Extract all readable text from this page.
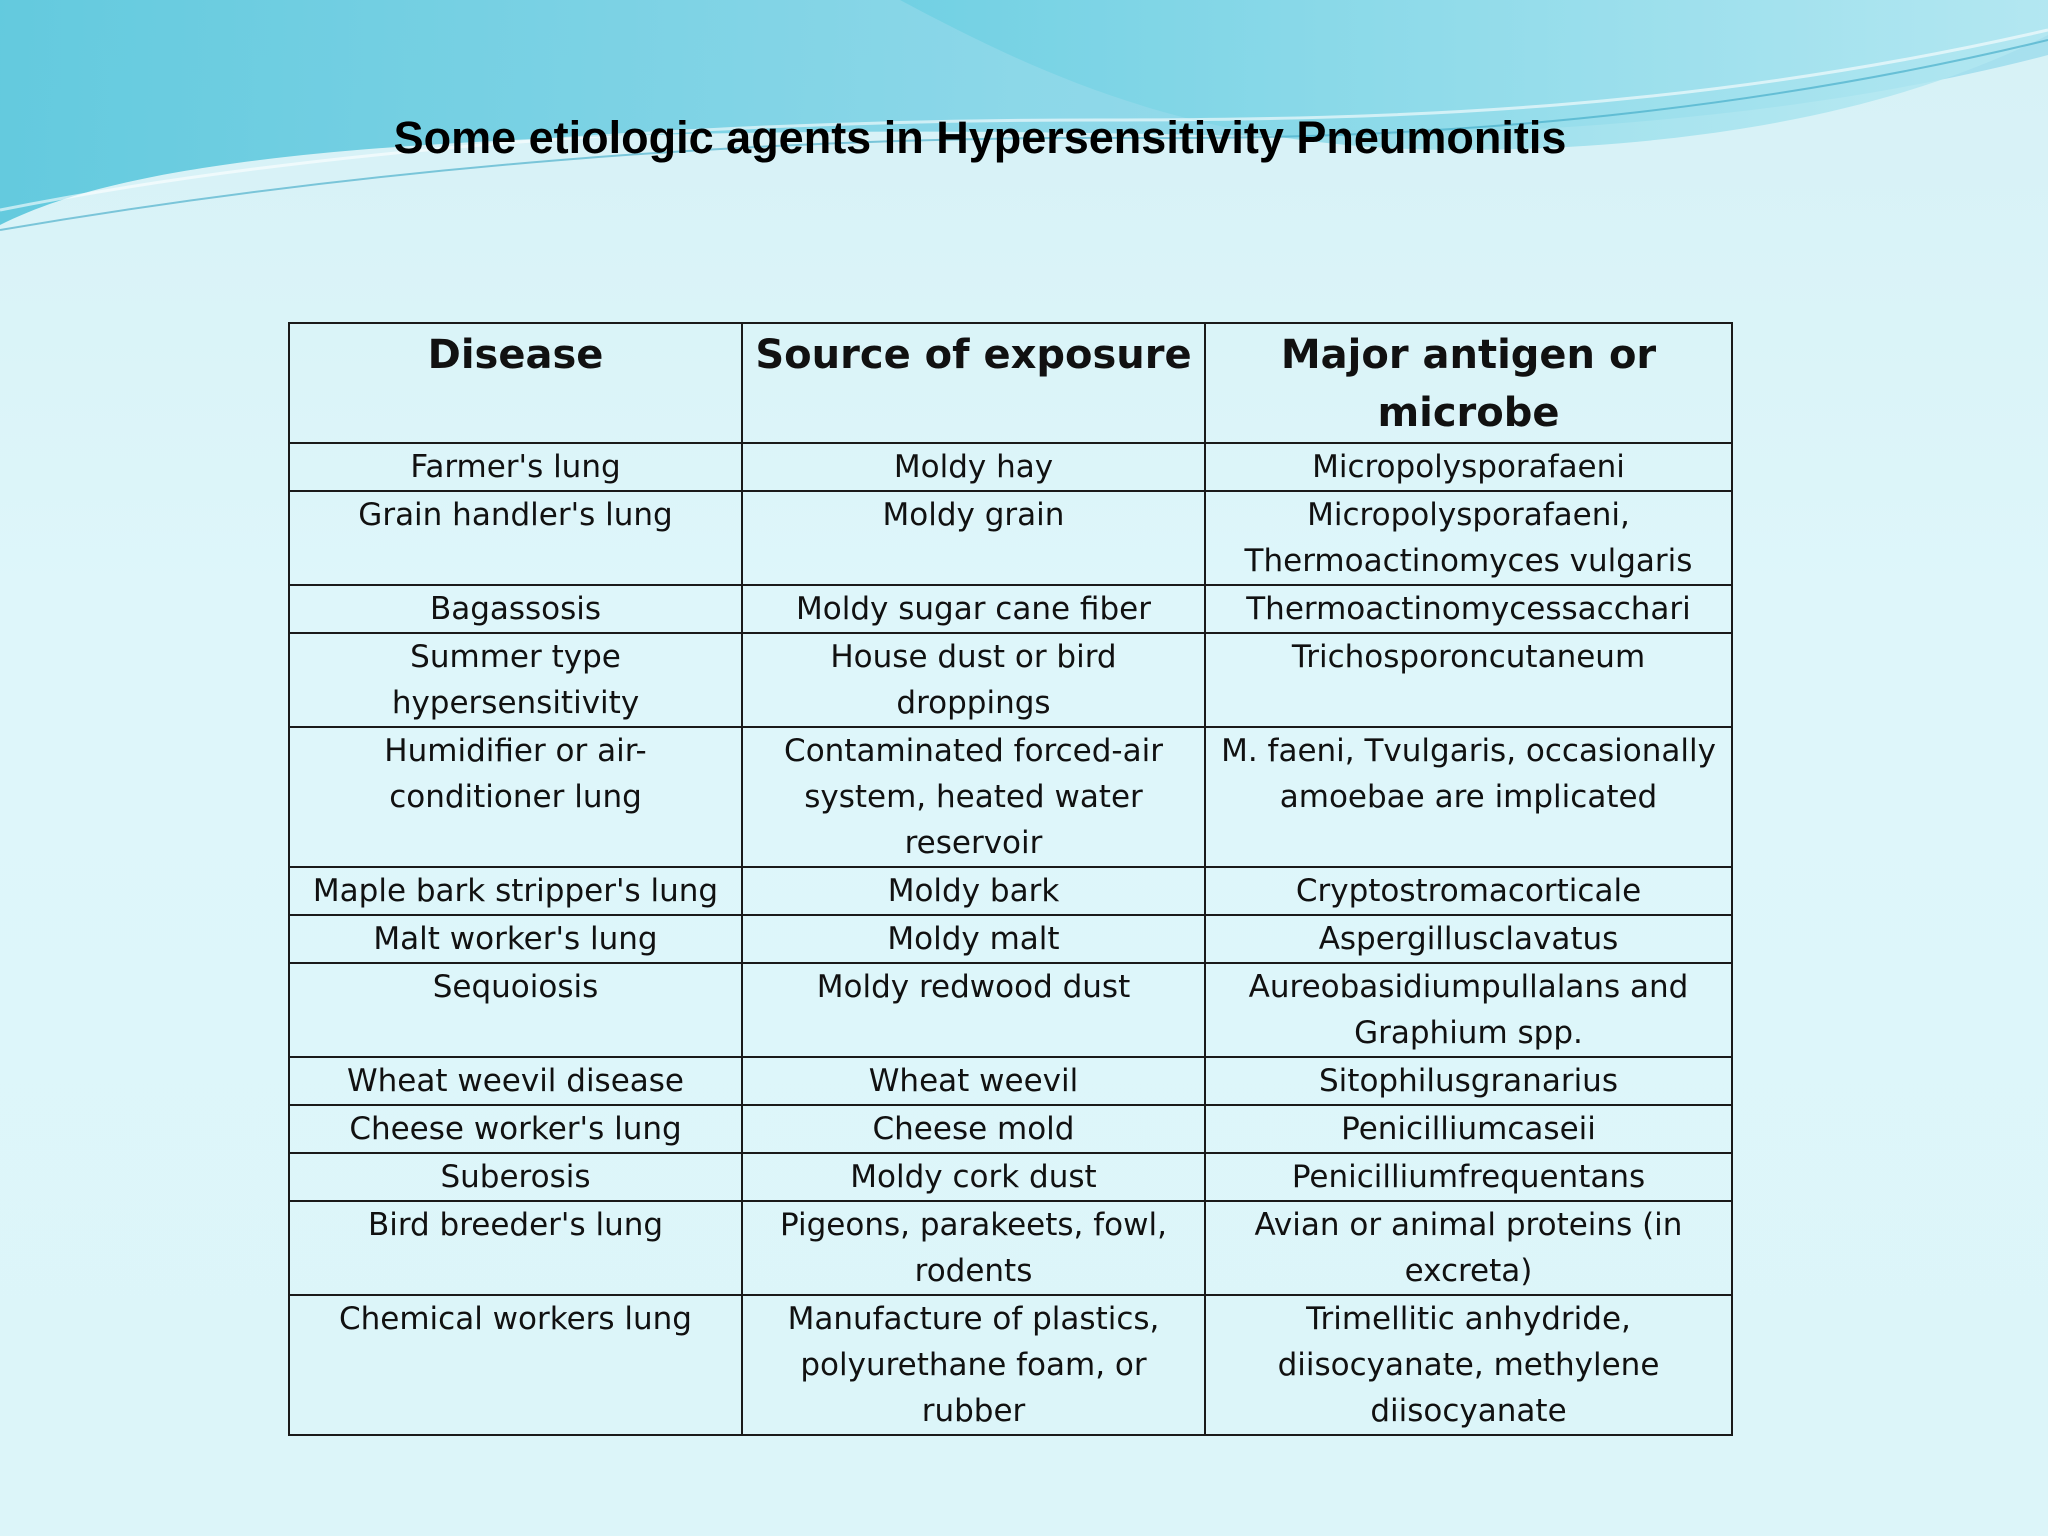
Some etiologic agents in Hypersensitivity Pneumonitis
Disease	Source of exposure	Major antigen or microbe
Farmer's lung	Moldy hay	Micropolysporafaeni
Grain handler's lung	Moldy grain	Micropolysporafaeni, Thermoactinomyces vulgaris
Bagassosis	Moldy sugar cane fiber	Thermoactinomycessacchari
Summer type hypersensitivity	House dust or bird droppings	Trichosporoncutaneum
Humidifier or air-conditioner lung	Contaminated forced-air system, heated water reservoir	M. faeni, Tvulgaris, occasionally amoebae are implicated
Maple bark stripper's lung	Moldy bark	Cryptostromacorticale
Malt worker's lung	Moldy malt	Aspergillusclavatus
Sequoiosis	Moldy redwood dust	Aureobasidiumpullalans and Graphium spp.
Wheat weevil disease	Wheat weevil	Sitophilusgranarius
Cheese worker's lung	Cheese mold	Penicilliumcaseii
Suberosis	Moldy cork dust	Penicilliumfrequentans
Bird breeder's lung	Pigeons, parakeets, fowl, rodents	Avian or animal proteins (in excreta)
Chemical workers lung	Manufacture of plastics, polyurethane foam, or rubber	Trimellitic anhydride, diisocyanate, methylene diisocyanate
